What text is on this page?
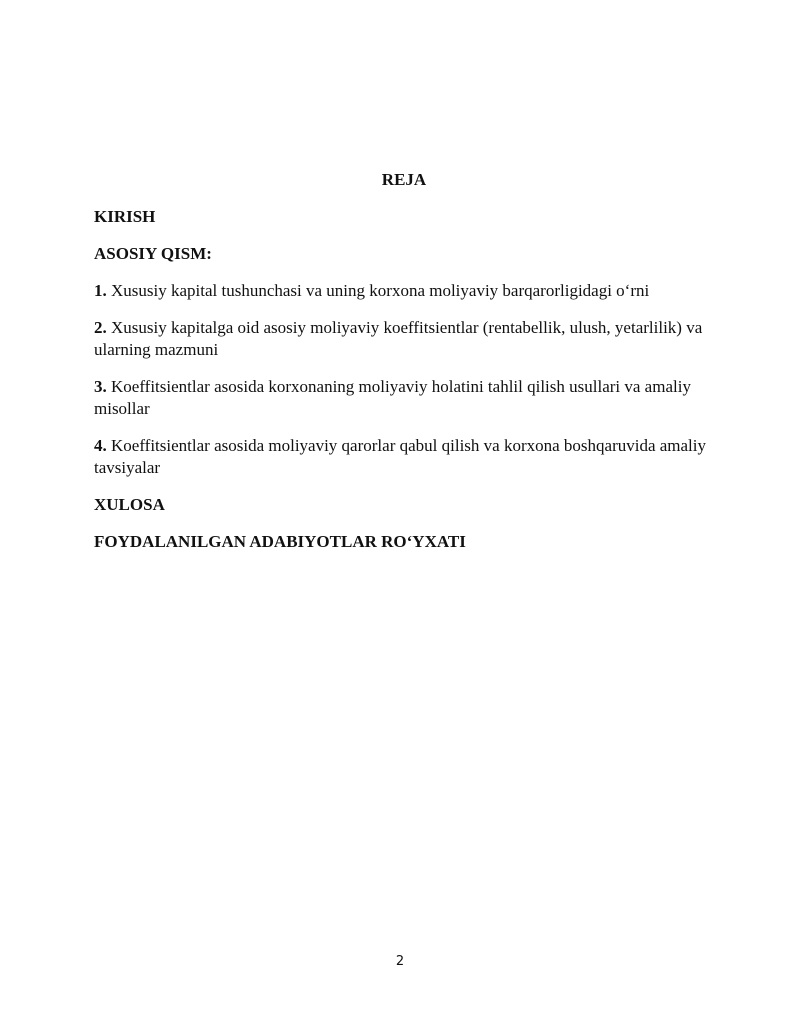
REJA
KIRISH
ASOSIY QISM:
1. Xususiy kapital tushunchasi va uning korxona moliyaviy barqarorligidagi o‘rni
2. Xususiy kapitalga oid asosiy moliyaviy koeffitsientlar (rentabellik, ulush, yetarlilik) va ularning mazmuni
3. Koeffitsientlar asosida korxonaning moliyaviy holatini tahlil qilish usullari va amaliy misollar
4. Koeffitsientlar asosida moliyaviy qarorlar qabul qilish va korxona boshqaruvida amaliy tavsiyalar
XULOSA
FOYDALANILGAN ADABIYOTLAR RO‘YXATI
2
